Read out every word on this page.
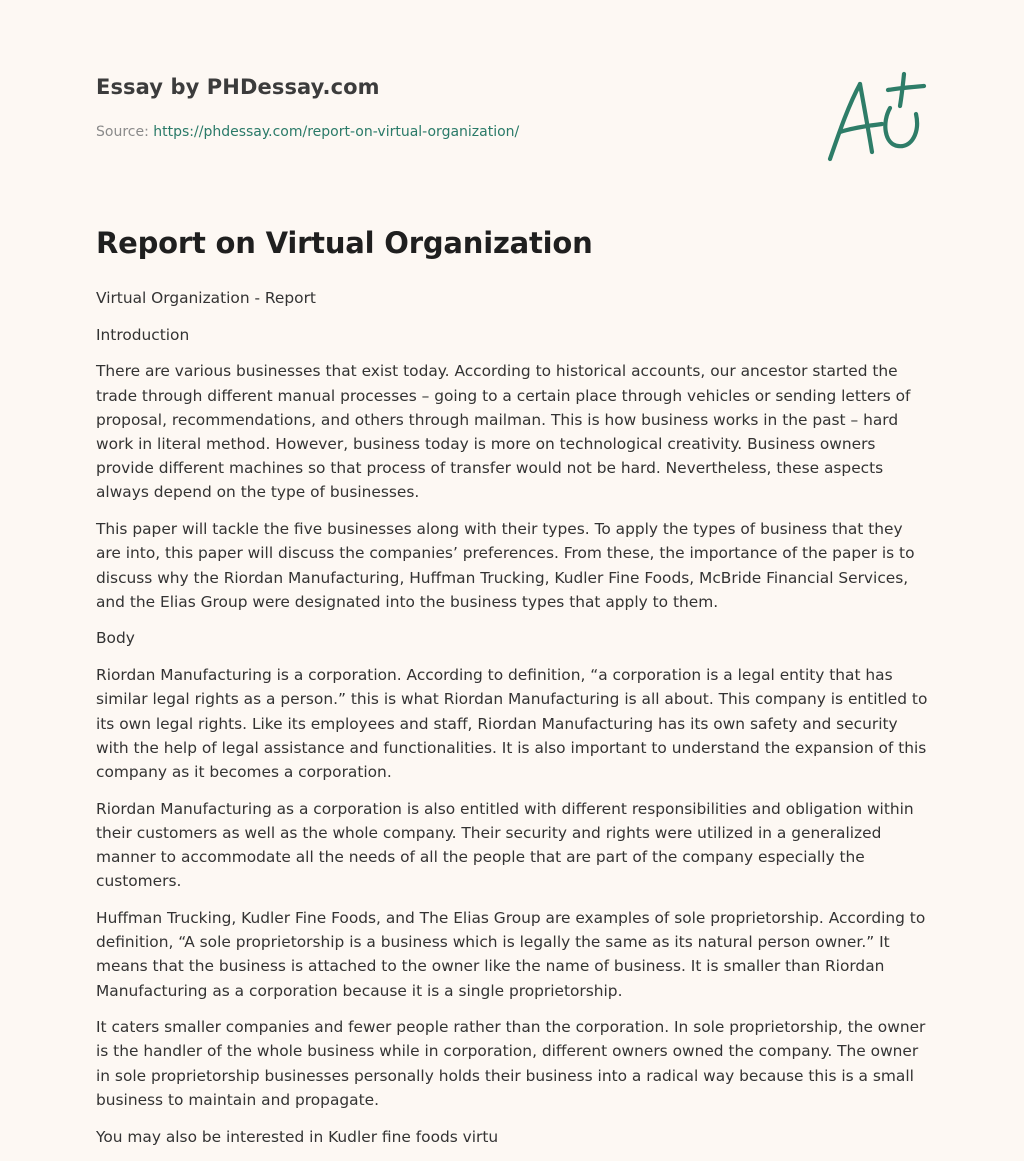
Essay by PHDessay.com
Source: https://phdessay.com/report-on-virtual-organization/
Report on Virtual Organization

Virtual Organization - Report

Introduction

There are various businesses that exist today. According to historical accounts, our ancestor started the trade through different manual processes – going to a certain place through vehicles or sending letters of proposal, recommendations, and others through mailman. This is how business works in the past – hard work in literal method. However, business today is more on technological creativity. Business owners provide different machines so that process of transfer would not be hard. Nevertheless, these aspects always depend on the type of businesses.

This paper will tackle the five businesses along with their types. To apply the types of business that they are into, this paper will discuss the companies’ preferences. From these, the importance of the paper is to discuss why the Riordan Manufacturing, Huffman Trucking, Kudler Fine Foods, McBride Financial Services, and the Elias Group were designated into the business types that apply to them.

Body

Riordan Manufacturing is a corporation. According to definition, “a corporation is a legal entity that has similar legal rights as a person.” this is what Riordan Manufacturing is all about. This company is entitled to its own legal rights. Like its employees and staff, Riordan Manufacturing has its own safety and security with the help of legal assistance and functionalities. It is also important to understand the expansion of this company as it becomes a corporation.

Riordan Manufacturing as a corporation is also entitled with different responsibilities and obligation within their customers as well as the whole company. Their security and rights were utilized in a generalized manner to accommodate all the needs of all the people that are part of the company especially the customers.

Huffman Trucking, Kudler Fine Foods, and The Elias Group are examples of sole proprietorship. According to definition, “A sole proprietorship is a business which is legally the same as its natural person owner.” It means that the business is attached to the owner like the name of business. It is smaller than Riordan Manufacturing as a corporation because it is a single proprietorship.

It caters smaller companies and fewer people rather than the corporation. In sole proprietorship, the owner is the handler of the whole business while in corporation, different owners owned the company. The owner in sole proprietorship businesses personally holds their business into a radical way because this is a small business to maintain and propagate.

You may also be interested in Kudler fine foods virtu
